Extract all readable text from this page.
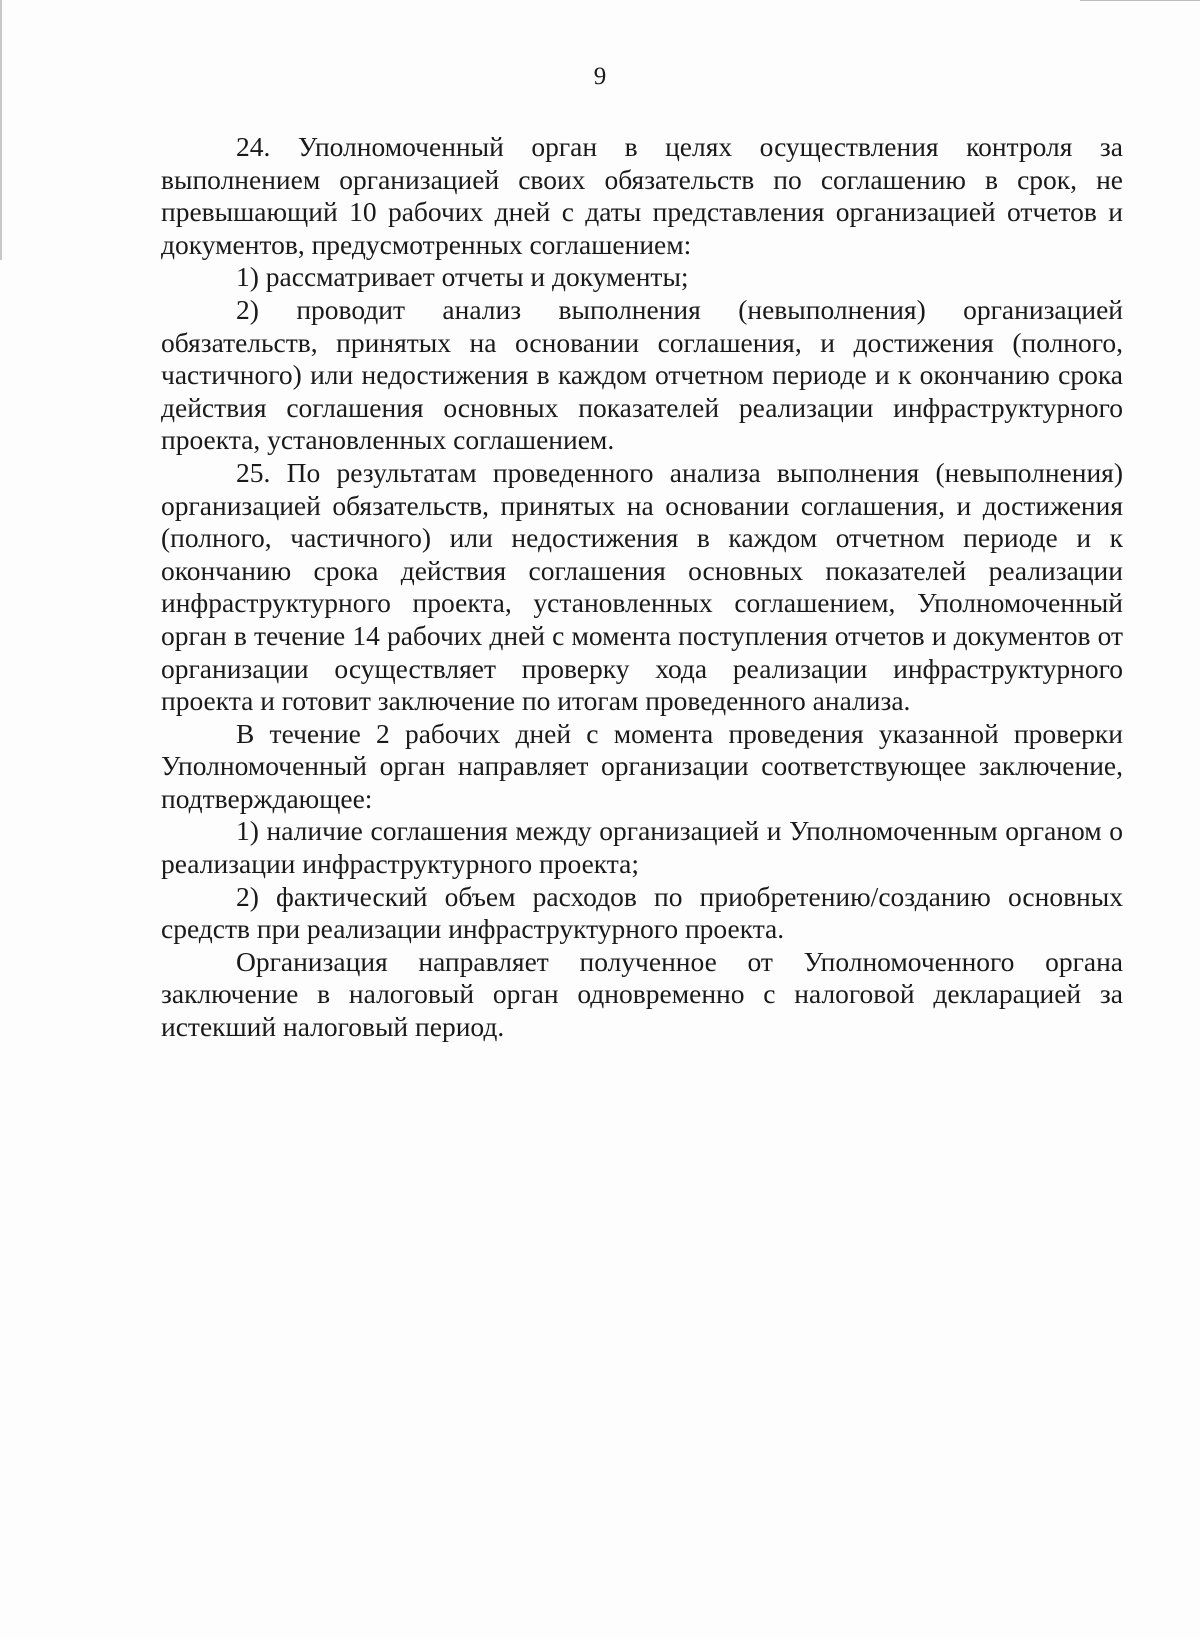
9

24. Уполномоченный орган в целях осуществления контроля за выполнением организацией своих обязательств по соглашению в срок, не превышающий 10 рабочих дней с даты представления организацией отчетов и документов, предусмотренных соглашением:

1) рассматривает отчеты и документы;

2) проводит анализ выполнения (невыполнения) организацией обязательств, принятых на основании соглашения, и достижения (полного, частичного) или недостижения в каждом отчетном периоде и к окончанию срока действия соглашения основных показателей реализации инфраструктурного проекта, установленных соглашением.

25. По результатам проведенного анализа выполнения (невыполнения) организацией обязательств, принятых на основании соглашения, и достижения (полного, частичного) или недостижения в каждом отчетном периоде и к окончанию срока действия соглашения основных показателей реализации инфраструктурного проекта, установленных соглашением, Уполномоченный орган в течение 14 рабочих дней с момента поступления отчетов и документов от организации осуществляет проверку хода реализации инфраструктурного проекта и готовит заключение по итогам проведенного анализа.

В течение 2 рабочих дней с момента проведения указанной проверки Уполномоченный орган направляет организации соответствующее заключение, подтверждающее:

1) наличие соглашения между организацией и Уполномоченным органом о реализации инфраструктурного проекта;

2) фактический объем расходов по приобретению/созданию основных средств при реализации инфраструктурного проекта.

Организация направляет полученное от Уполномоченного органа заключение в налоговый орган одновременно с налоговой декларацией за истекший налоговый период.
